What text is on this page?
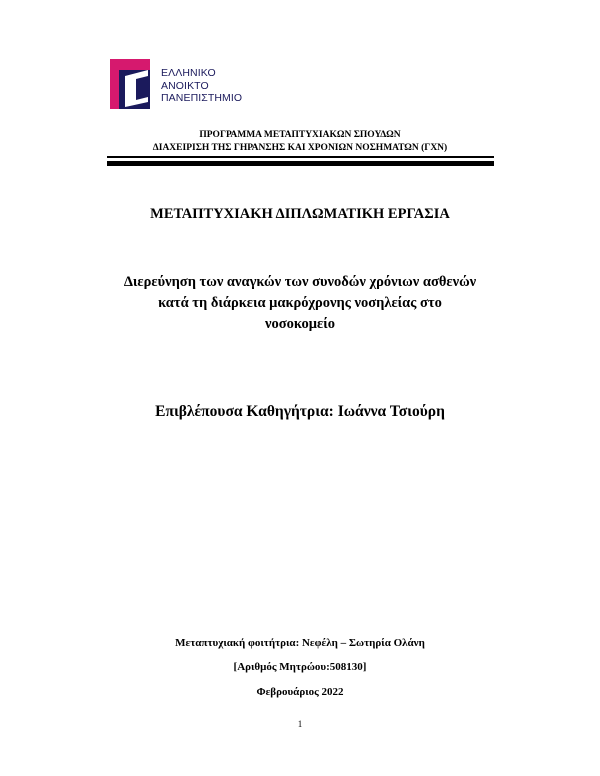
ΕΛΛΗΝΙΚΟ
ΑΝΟΙΚΤΟ
ΠΑΝΕΠΙΣΤΗΜΙΟ
ΠΡΟΓΡΑΜΜΑ ΜΕΤΑΠΤΥΧΙΑΚΩΝ ΣΠΟΥΔΩΝ
ΔΙΑΧΕΙΡΙΣΗ ΤΗΣ ΓΗΡΑΝΣΗΣ ΚΑΙ ΧΡΟΝΙΩΝ ΝΟΣΗΜΑΤΩΝ (ΓΧΝ)
ΜΕΤΑΠΤΥΧΙΑΚΗ ΔΙΠΛΩΜΑΤΙΚΗ ΕΡΓΑΣΙΑ
Διερεύνηση των αναγκών των συνοδών χρόνιων ασθενών
κατά τη διάρκεια μακρόχρονης νοσηλείας στο
νοσοκομείο
Επιβλέπουσα Καθηγήτρια: Ιωάννα Τσιούρη
Μεταπτυχιακή φοιτήτρια: Νεφέλη – Σωτηρία Ολάνη
[Αριθμός Μητρώου:508130]
Φεβρουάριος 2022
1
